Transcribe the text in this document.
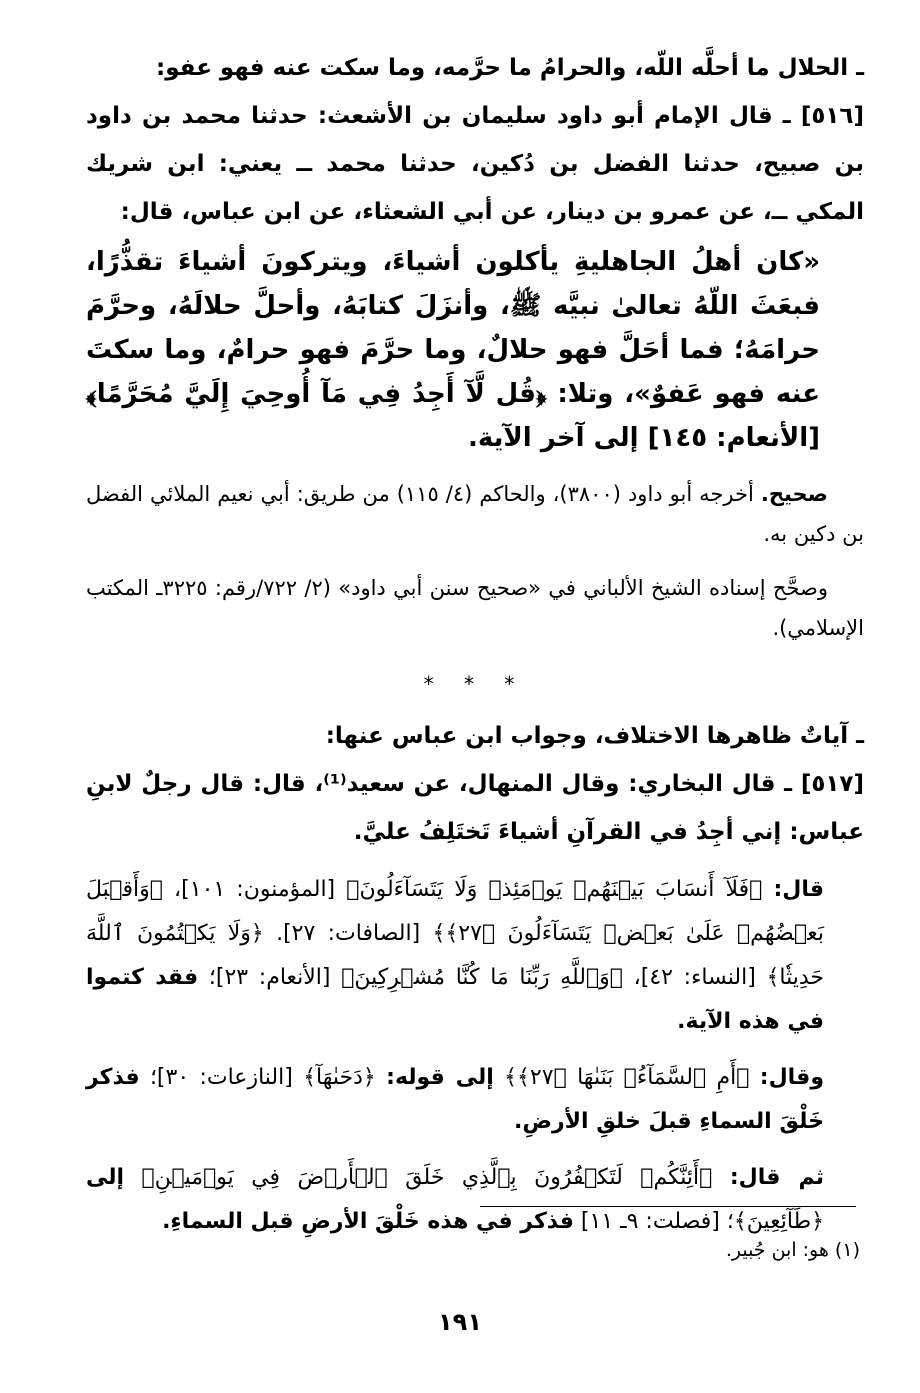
ـ الحلال ما أحلَّه اللّه، والحرامُ ما حرَّمه، وما سكت عنه فهو عفو:

[٥١٦] ـ قال الإمام أبو داود سليمان بن الأشعث: حدثنا محمد بن داود بن صبيح، حدثنا الفضل بن دُكين، حدثنا محمد ــ يعني: ابن شريك المكي ــ، عن عمرو بن دينار، عن أبي الشعثاء، عن ابن عباس، قال:

«كان أهلُ الجاهليةِ يأكلون أشياءَ، ويتركونَ أشياءَ تقذُّرًا، فبعَثَ اللّهُ تعالىٰ نبيَّه ﷺ، وأنزَلَ كتابَهُ، وأحلَّ حلالَهُ، وحرَّمَ حرامَهُ؛ فما أحَلَّ فهو حلالٌ، وما حرَّمَ فهو حرامٌ، وما سكتَ عنه فهو عَفوٌ»، وتلا: ﴿قُل لَّآ أَجِدُ فِي مَآ أُوحِيَ إِلَيَّ مُحَرَّمًا﴾ [الأنعام: ١٤٥] إلى آخر الآية.

صحيح. أخرجه أبو داود (٣٨٠٠)، والحاكم (٤/ ١١٥) من طريق: أبي نعيم الملائي الفضل بن دكين به.

وصحَّح إسناده الشيخ الألباني في «صحيح سنن أبي داود» (٢/ ٧٢٢/رقم: ٣٢٢٥ـ المكتب الإسلامي).

* * *

ـ آياتٌ ظاهرها الاختلاف، وجواب ابن عباس عنها:

[٥١٧] ـ قال البخاري: وقال المنهال، عن سعيد⁽¹⁾، قال: قال رجلٌ لابنِ عباس: إني أجِدُ في القرآنِ أشياءَ تَختَلِفُ عليَّ.

قال: ﴿فَلَآ أَنسَابَ بَيۡنَهُمۡ يَوۡمَئِذٖ وَلَا يَتَسَآءَلُونَ﴾ [المؤمنون: ١٠١]، ﴿وَأَقۡبَلَ بَعۡضُهُمۡ عَلَىٰ بَعۡضٖ يَتَسَآءَلُونَ ﴿٢٧﴾﴾ [الصافات: ٢٧]. ﴿وَلَا يَكۡتُمُونَ ٱللَّهَ حَدِيثٗا﴾ [النساء: ٤٢]، ﴿وَٱللَّهِ رَبِّنَا مَا كُنَّا مُشۡرِكِينَ﴾ [الأنعام: ٢٣]؛ فقد كتموا في هذه الآية.

وقال: ﴿أَمِ ٱلسَّمَآءُۚ بَنَىٰهَا ﴿٢٧﴾﴾ إلى قوله: ﴿دَحَىٰهَآ﴾ [النازعات: ٣٠]؛ فذكر خَلْقَ السماءِ قبلَ خلقِ الأرضِ.

ثم قال: ﴿أَئِنَّكُمۡ لَتَكۡفُرُونَ بِٱلَّذِي خَلَقَ ٱلۡأَرۡضَ فِي يَوۡمَيۡنِ﴾ إلى ﴿طَآئِعِينَ﴾؛ [فصلت: ٩ـ ١١] فذكر في هذه خَلْقَ الأرضِ قبل السماءِ.

(١) هو: ابن جُبير.

١٩١
